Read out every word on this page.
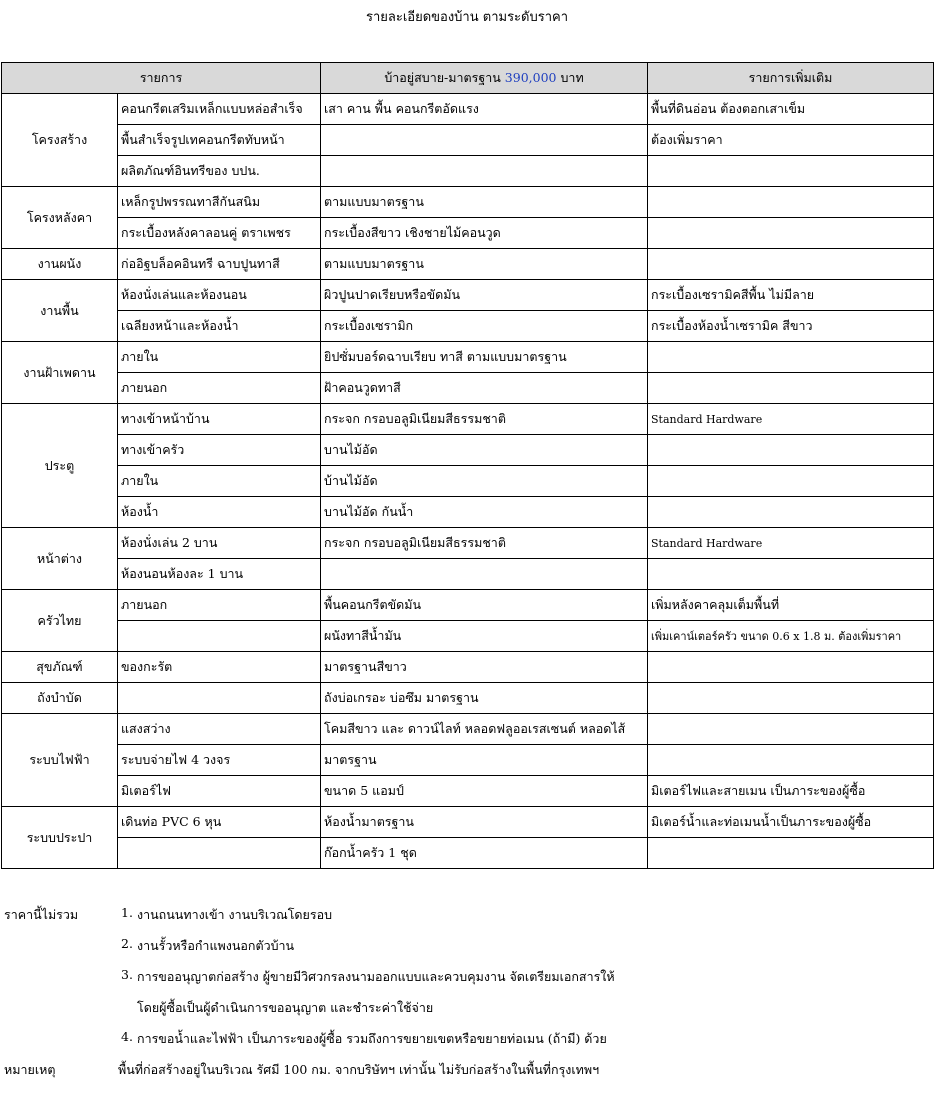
รายละเอียดของบ้าน ตามระดับราคา
รายการ		บ้าอยู่สบาย-มาตรฐาน 390,000 บาท	รายการเพิ่มเติม
โครงสร้าง	คอนกรีตเสริมเหล็กแบบหล่อสำเร็จ	เสา คาน พื้น คอนกรีตอัดแรง	พื้นที่ดินอ่อน ต้องตอกเสาเข็ม
	พื้นสำเร็จรูปเทคอนกรีตทับหน้า		ต้องเพิ่มราคา
	ผลิตภัณฑ์อินทรีของ บปน.		
โครงหลังคา	เหล็กรูปพรรณทาสีกันสนิม	ตามแบบมาตรฐาน	
	กระเบื้องหลังคาลอนคู่ ตราเพชร	กระเบื้องสีขาว เชิงชายไม้คอนวูด	
งานผนัง	ก่ออิฐบล็อคอินทรี ฉาบปูนทาสี	ตามแบบมาตรฐาน	
งานพื้น	ห้องนั่งเล่นและห้องนอน	ผิวปูนปาดเรียบหรือขัดมัน	กระเบื้องเซรามิคสีพื้น ไม่มีลาย
	เฉลียงหน้าและห้องน้ำ	กระเบื้องเซรามิก	กระเบื้องห้องน้ำเซรามิค สีขาว
งานฝ้าเพดาน	ภายใน	ยิปซั่มบอร์ดฉาบเรียบ ทาสี ตามแบบมาตรฐาน	
	ภายนอก	ฝ้าคอนวูดทาสี	
ประตู	ทางเข้าหน้าบ้าน	กระจก กรอบอลูมิเนียมสีธรรมชาติ	Standard Hardware
	ทางเข้าครัว	บานไม้อัด	
	ภายใน	บ้านไม้อัด	
	ห้องน้ำ	บานไม้อัด กันน้ำ	
หน้าต่าง	ห้องนั่งเล่น 2 บาน	กระจก กรอบอลูมิเนียมสีธรรมชาติ	Standard Hardware
	ห้องนอนห้องละ 1 บาน		
ครัวไทย	ภายนอก	พื้นคอนกรีตขัดมัน	เพิ่มหลังคาคลุมเต็มพื้นที่
		ผนังทาสีน้ำมัน	เพิ่มเคาน์เตอร์ครัว ขนาด 0.6 x 1.8 ม. ต้องเพิ่มราคา
สุขภัณฑ์	ของกะรัต	มาตรฐานสีขาว	
ถังบำบัด		ถังบ่อเกรอะ บ่อซึม มาตรฐาน	
ระบบไฟฟ้า	แสงสว่าง	โคมสีขาว และ ดาวน์ไลท์ หลอดฟลูออเรสเซนต์ หลอดไส้	
	ระบบจ่ายไฟ 4 วงจร	มาตรฐาน	
	มิเตอร์ไฟ	ขนาด 5 แอมป์	มิเตอร์ไฟและสายเมน เป็นภาระของผู้ซื้อ
ระบบประปา	เดินท่อ PVC 6 หุน	ห้องน้ำมาตรฐาน	มิเตอร์น้ำและท่อเมนน้ำเป็นภาระของผู้ซื้อ
		ก๊อกน้ำครัว 1 ชุด	
ราคานี้ไม่รวม	1. งานถนนทางเข้า งานบริเวณโดยรอบ
2. งานรั้วหรือกำแพงนอกตัวบ้าน
3. การขออนุญาตก่อสร้าง ผู้ขายมีวิศวกรลงนามออกแบบและควบคุมงาน จัดเตรียมเอกสารให้
โดยผู้ซื้อเป็นผู้ดำเนินการขออนุญาต และชำระค่าใช้จ่าย
4. การขอน้ำและไฟฟ้า เป็นภาระของผู้ซื้อ รวมถึงการขยายเขตหรือขยายท่อเมน (ถ้ามี) ด้วย
หมายเหตุ	พื้นที่ก่อสร้างอยู่ในบริเวณ รัศมี 100 กม. จากบริษัทฯ เท่านั้น ไม่รับก่อสร้างในพื้นที่กรุงเทพฯ
